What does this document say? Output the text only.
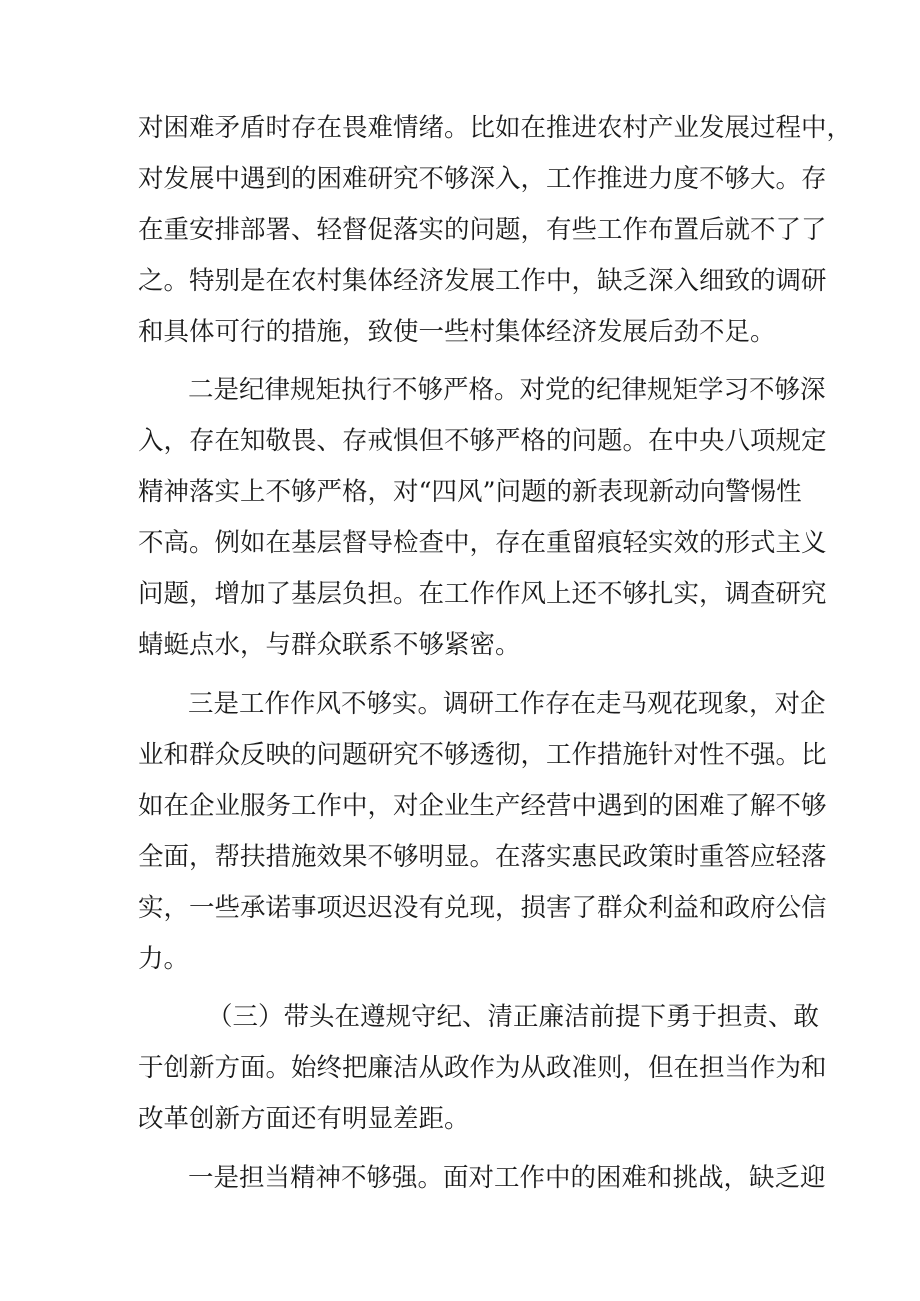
对困难矛盾时存在畏难情绪。比如在推进农村产业发展过程中，

对发展中遇到的困难研究不够深入，工作推进力度不够大。存

在重安排部署、轻督促落实的问题，有些工作布置后就不了了

之。特别是在农村集体经济发展工作中，缺乏深入细致的调研

和具体可行的措施，致使一些村集体经济发展后劲不足。

二是纪律规矩执行不够严格。对党的纪律规矩学习不够深

入，存在知敬畏、存戒惧但不够严格的问题。在中央八项规定

精神落实上不够严格，对“四风”问题的新表现新动向警惕性

不高。例如在基层督导检查中，存在重留痕轻实效的形式主义

问题，增加了基层负担。在工作作风上还不够扎实，调查研究

蜻蜓点水，与群众联系不够紧密。

三是工作作风不够实。调研工作存在走马观花现象，对企

业和群众反映的问题研究不够透彻，工作措施针对性不强。比

如在企业服务工作中，对企业生产经营中遇到的困难了解不够

全面，帮扶措施效果不够明显。在落实惠民政策时重答应轻落

实，一些承诺事项迟迟没有兑现，损害了群众利益和政府公信

力。

（三）带头在遵规守纪、清正廉洁前提下勇于担责、敢

于创新方面。始终把廉洁从政作为从政准则，但在担当作为和

改革创新方面还有明显差距。

一是担当精神不够强。面对工作中的困难和挑战，缺乏迎
